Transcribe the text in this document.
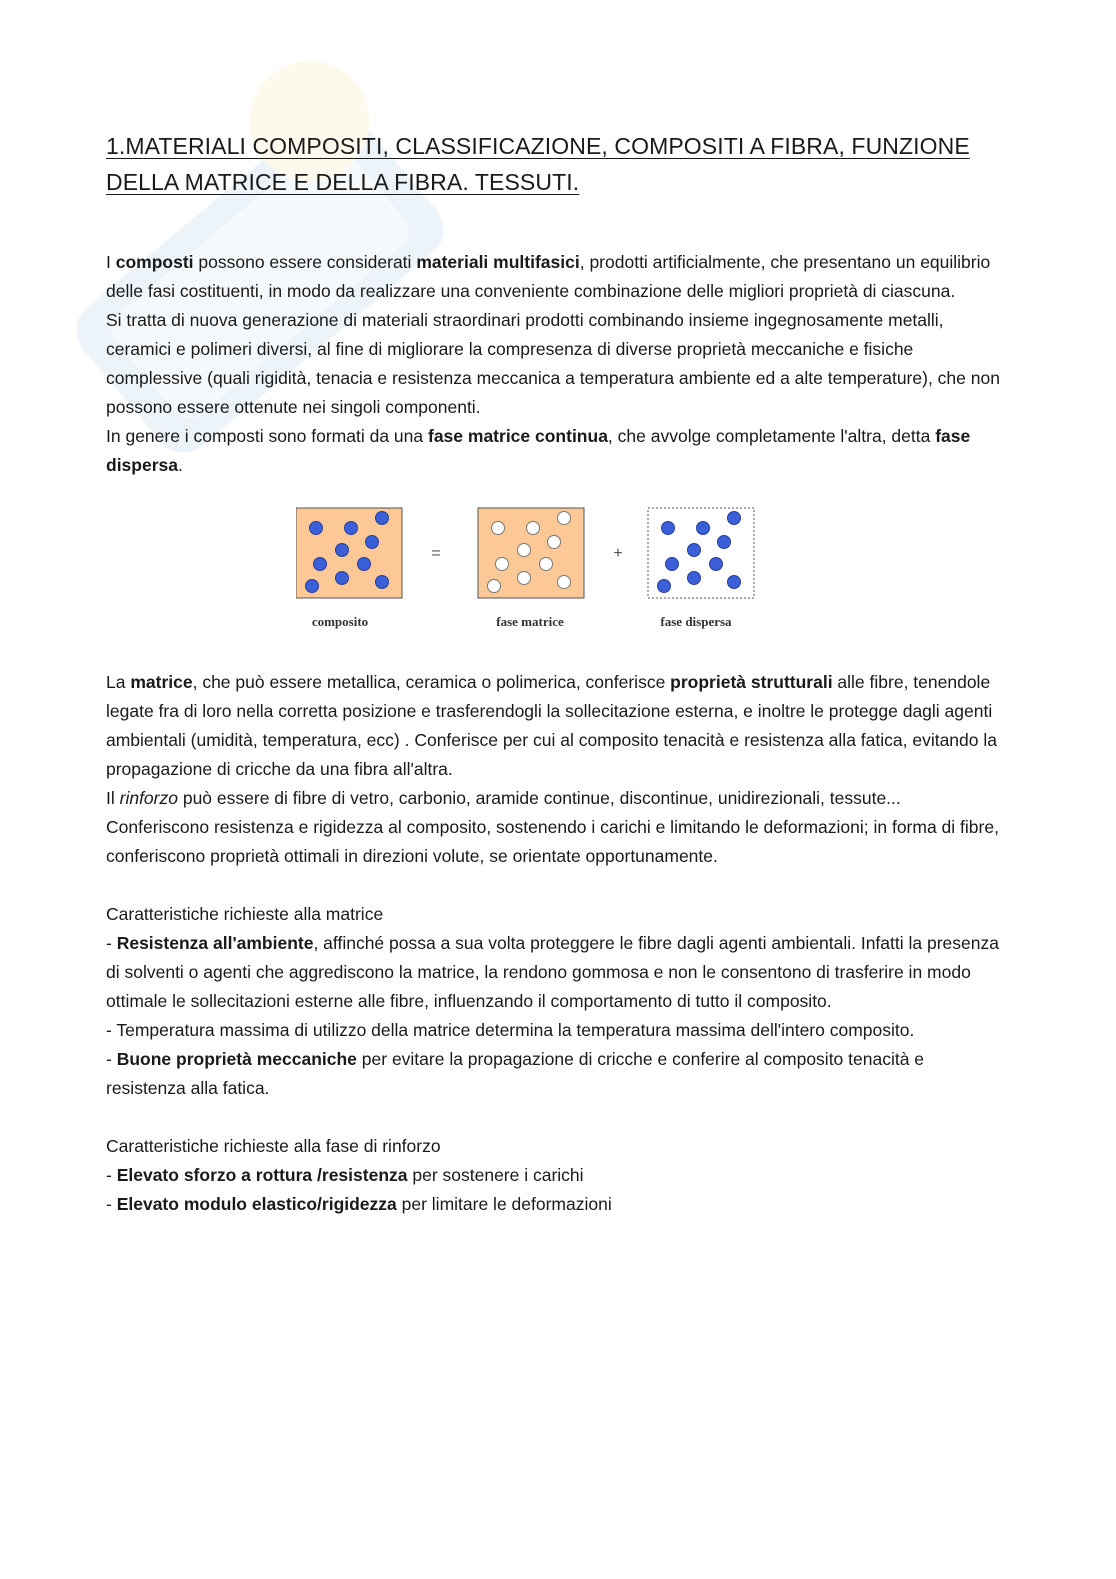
1.MATERIALI COMPOSITI, CLASSIFICAZIONE, COMPOSITI A FIBRA, FUNZIONE DELLA MATRICE E DELLA FIBRA. TESSUTI.

I composti possono essere considerati materiali multifasici, prodotti artificialmente, che presentano un equilibrio delle fasi costituenti, in modo da realizzare una conveniente combinazione delle migliori proprietà di ciascuna.

Si tratta di nuova generazione di materiali straordinari prodotti combinando insieme ingegnosamente metalli, ceramici e polimeri diversi, al fine di migliorare la compresenza di diverse proprietà meccaniche e fisiche complessive (quali rigidità, tenacia e resistenza meccanica a temperatura ambiente ed a alte temperature), che non possono essere ottenute nei singoli componenti.

In genere i composti sono formati da una fase matrice continua, che avvolge completamente l'altra, detta fase dispersa.

=	+
composito	fase matrice	fase dispersa

La matrice, che può essere metallica, ceramica o polimerica, conferisce proprietà strutturali alle fibre, tenendole legate fra di loro nella corretta posizione e trasferendogli la sollecitazione esterna, e inoltre le protegge dagli agenti ambientali (umidità, temperatura, ecc) . Conferisce per cui al composito tenacità e resistenza alla fatica, evitando la propagazione di cricche da una fibra all'altra.

Il rinforzo può essere di fibre di vetro, carbonio, aramide continue, discontinue, unidirezionali, tessute...

Conferiscono resistenza e rigidezza al composito, sostenendo i carichi e limitando le deformazioni; in forma di fibre, conferiscono proprietà ottimali in direzioni volute, se orientate opportunamente.

Caratteristiche richieste alla matrice

- Resistenza all'ambiente, affinché possa a sua volta proteggere le fibre dagli agenti ambientali. Infatti la presenza di solventi o agenti che aggrediscono la matrice, la rendono gommosa e non le consentono di trasferire in modo ottimale le sollecitazioni esterne alle fibre, influenzando il comportamento di tutto il composito.

- Temperatura massima di utilizzo della matrice determina la temperatura massima dell'intero composito.

- Buone proprietà meccaniche per evitare la propagazione di cricche e conferire al composito tenacità e resistenza alla fatica.

Caratteristiche richieste alla fase di rinforzo

- Elevato sforzo a rottura /resistenza per sostenere i carichi

- Elevato modulo elastico/rigidezza per limitare le deformazioni
